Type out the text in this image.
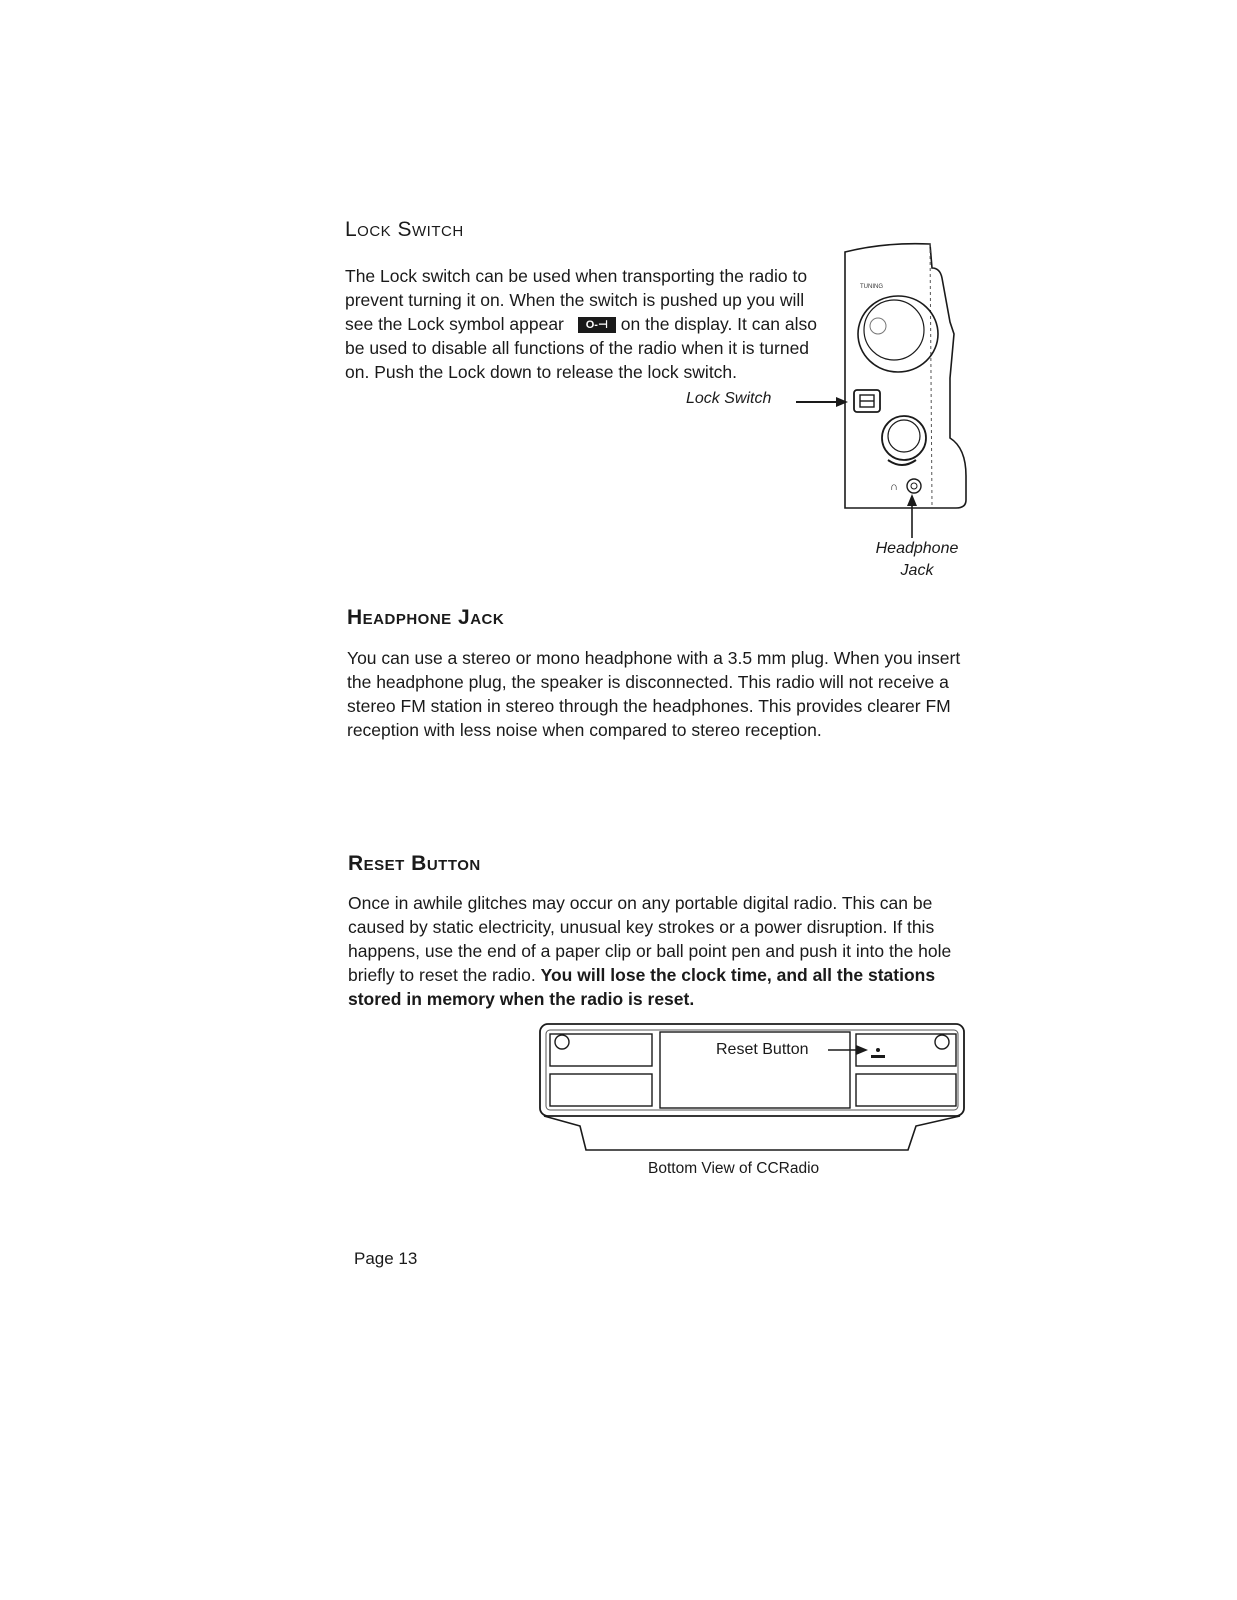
Lock Switch
The Lock switch can be used when transporting the radio to prevent turning it on. When the switch is pushed up you will see the Lock symbol appear O‑⊣ on the display. It can also be used to disable all functions of the radio when it is turned on. Push the Lock down to release the lock switch.
Lock Switch
TUNING
∩
Headphone
Jack
Headphone Jack

You can use a stereo or mono headphone with a 3.5 mm plug. When you insert the headphone plug, the speaker is disconnected. This radio will not receive a stereo FM station in stereo through the headphones. This provides clearer FM reception with less noise when compared to stereo reception.

Reset Button
Once in awhile glitches may occur on any portable digital radio. This can be caused by static electricity, unusual key strokes or a power disruption. If this happens, use the end of a paper clip or ball point pen and push it into the hole briefly to reset the radio. You will lose the clock time, and all the stations stored in memory when the radio is reset.
Reset Button
Bottom View of CCRadio
Page 13
